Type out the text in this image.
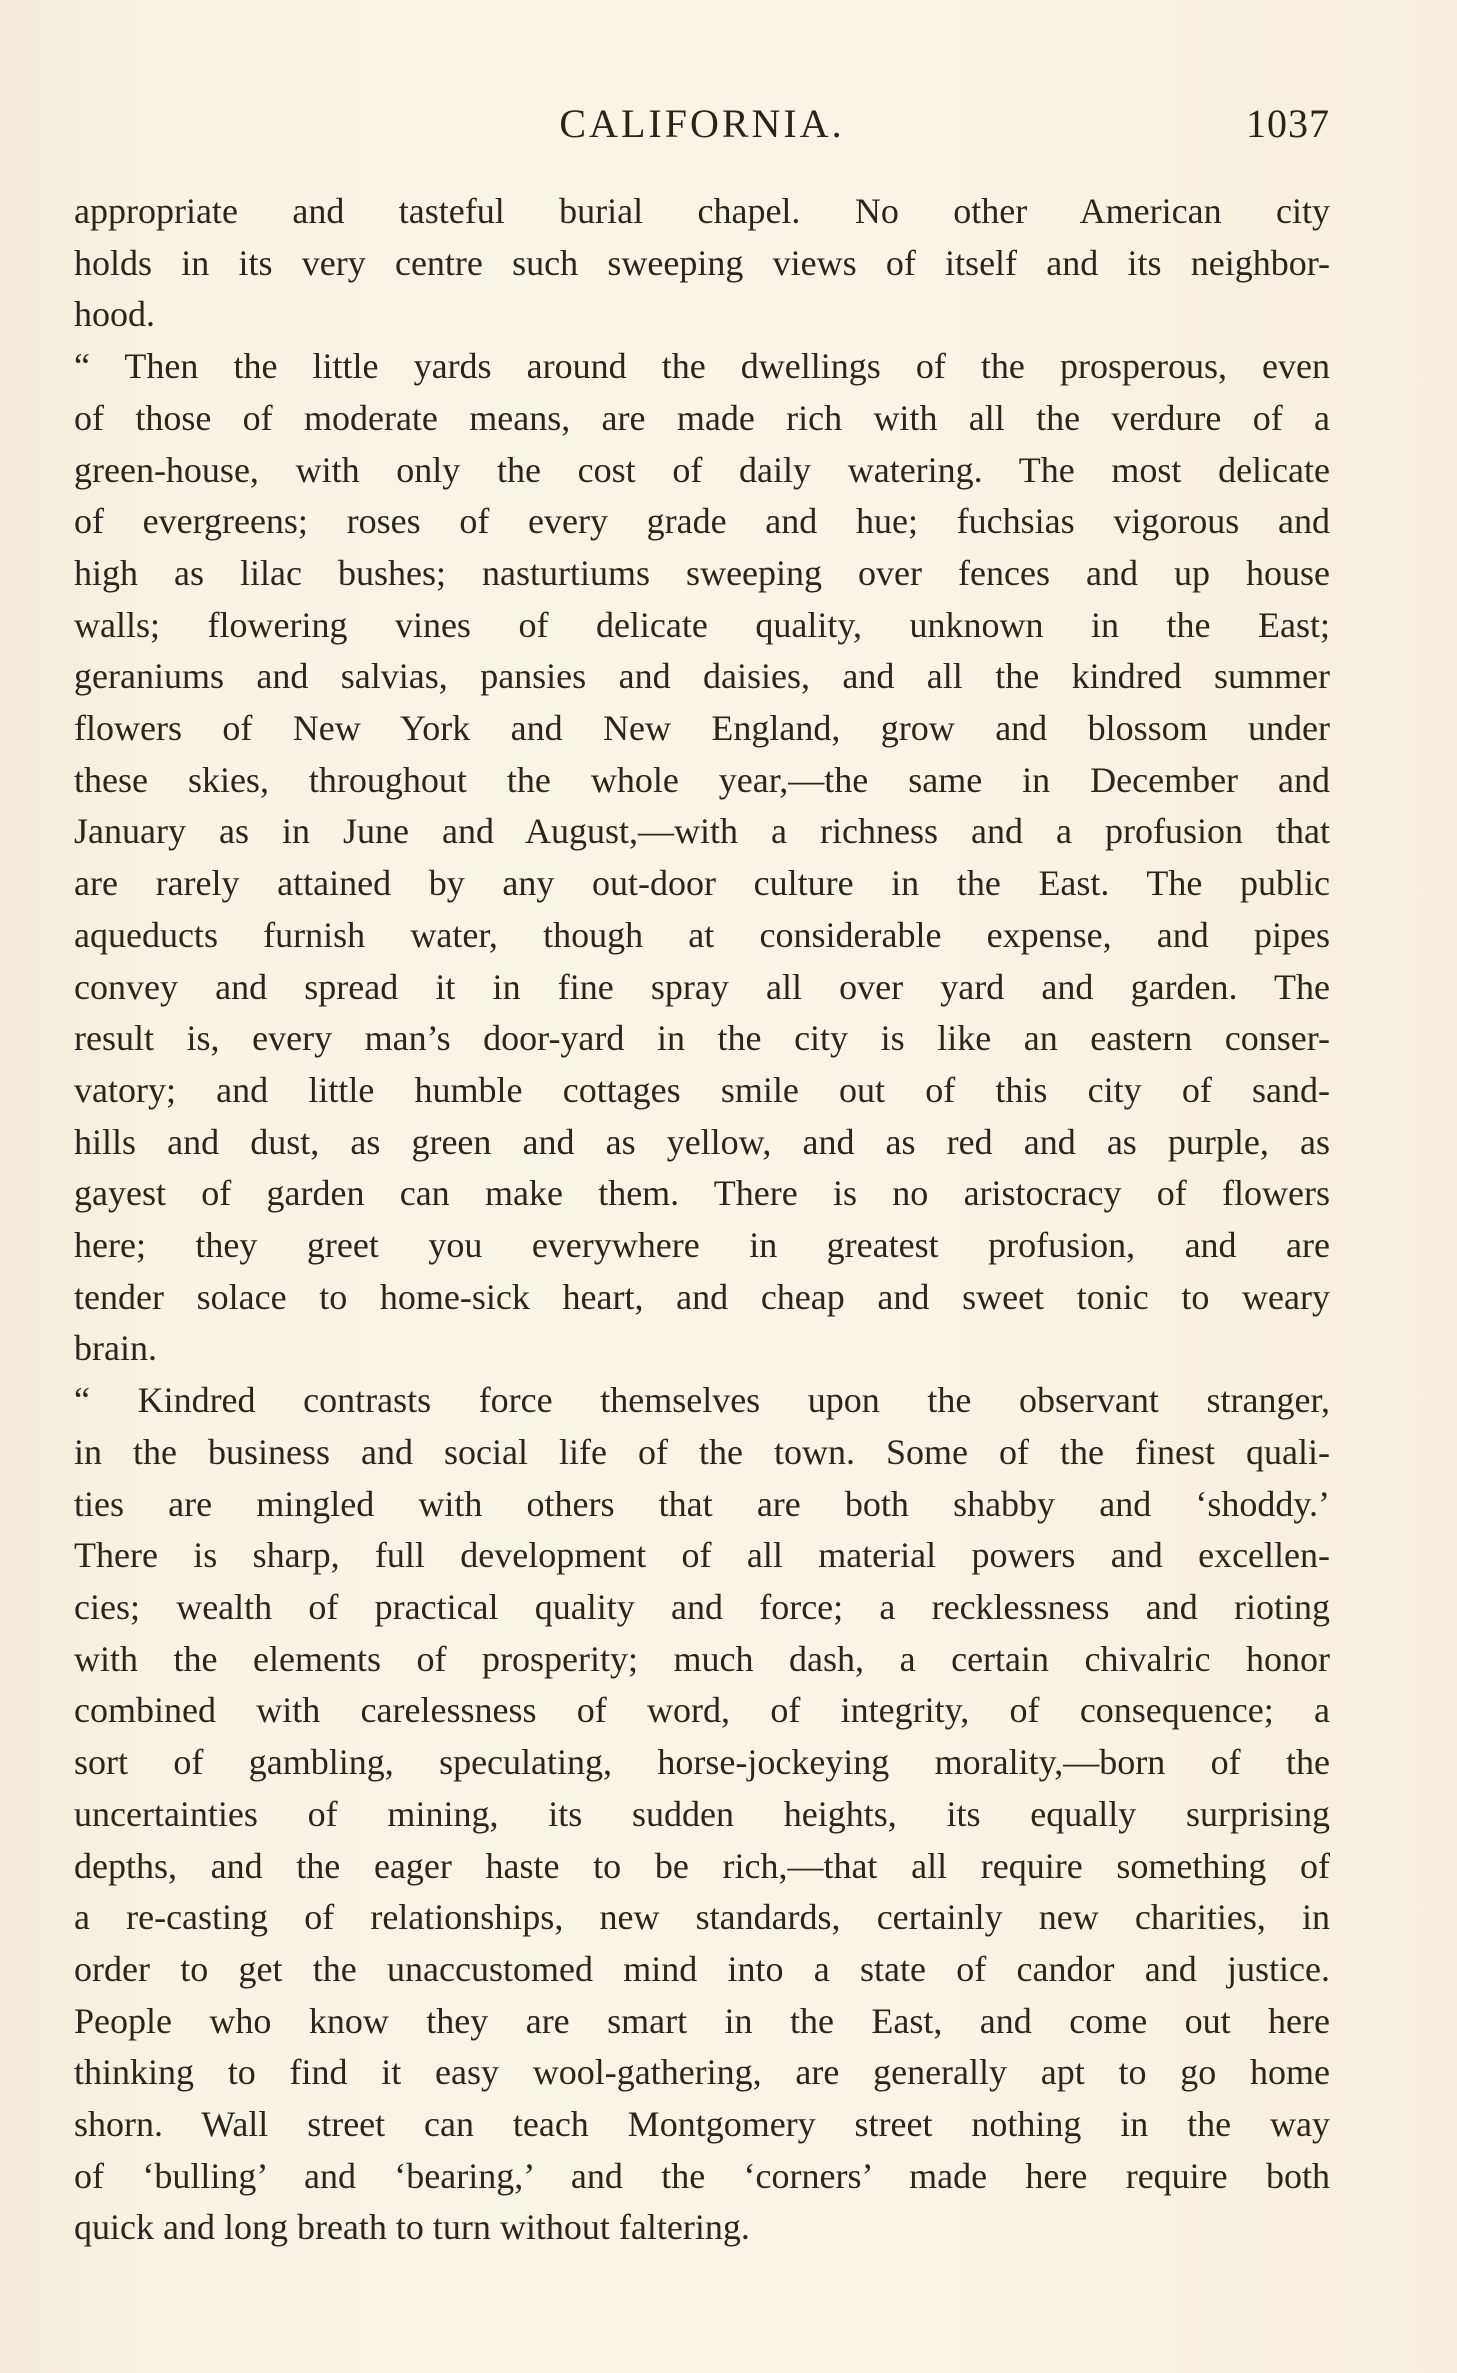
CALIFORNIA.	1037
appropriate and tasteful burial chapel. No other American city
holds in its very centre such sweeping views of itself and its neighbor-
hood.
“ Then the little yards around the dwellings of the prosperous, even
of those of moderate means, are made rich with all the verdure of a
green-house, with only the cost of daily watering. The most delicate
of evergreens; roses of every grade and hue; fuchsias vigorous and
high as lilac bushes; nasturtiums sweeping over fences and up house
walls; flowering vines of delicate quality, unknown in the East;
geraniums and salvias, pansies and daisies, and all the kindred summer
flowers of New York and New England, grow and blossom under
these skies, throughout the whole year,—the same in December and
January as in June and August,—with a richness and a profusion that
are rarely attained by any out-door culture in the East. The public
aqueducts furnish water, though at considerable expense, and pipes
convey and spread it in fine spray all over yard and garden. The
result is, every man’s door-yard in the city is like an eastern conser-
vatory; and little humble cottages smile out of this city of sand-
hills and dust, as green and as yellow, and as red and as purple, as
gayest of garden can make them. There is no aristocracy of flowers
here; they greet you everywhere in greatest profusion, and are
tender solace to home-sick heart, and cheap and sweet tonic to weary
brain.
“ Kindred contrasts force themselves upon the observant stranger,
in the business and social life of the town. Some of the finest quali-
ties are mingled with others that are both shabby and ‘shoddy.’
There is sharp, full development of all material powers and excellen-
cies; wealth of practical quality and force; a recklessness and rioting
with the elements of prosperity; much dash, a certain chivalric honor
combined with carelessness of word, of integrity, of consequence; a
sort of gambling, speculating, horse-jockeying morality,—born of the
uncertainties of mining, its sudden heights, its equally surprising
depths, and the eager haste to be rich,—that all require something of
a re-casting of relationships, new standards, certainly new charities, in
order to get the unaccustomed mind into a state of candor and justice.
People who know they are smart in the East, and come out here
thinking to find it easy wool-gathering, are generally apt to go home
shorn. Wall street can teach Montgomery street nothing in the way
of ‘bulling’ and ‘bearing,’ and the ‘corners’ made here require both
quick and long breath to turn without faltering.
